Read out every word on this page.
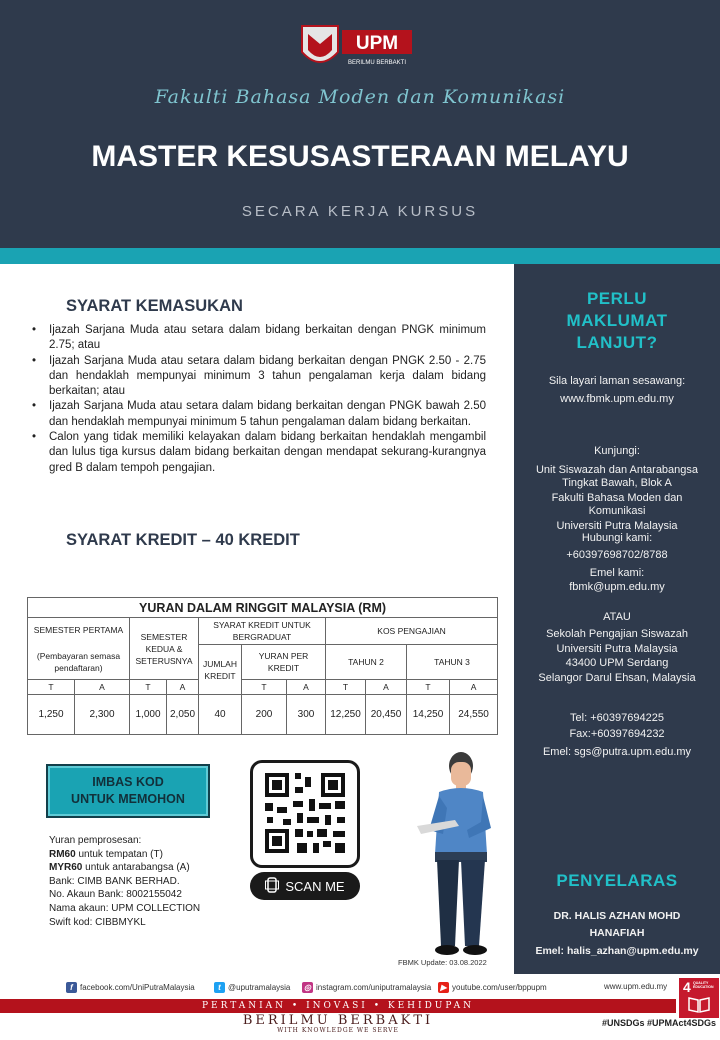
UPM
BERILMU BERBAKTI
Fakulti Bahasa Moden dan Komunikasi
MASTER KESUSASTERAAN MELAYU
SECARA KERJA KURSUS
SYARAT KEMASUKAN
• Ijazah Sarjana Muda atau setara dalam bidang berkaitan dengan PNGK minimum 2.75; atau
• Ijazah Sarjana Muda atau setara dalam bidang berkaitan dengan PNGK 2.50 - 2.75 dan hendaklah mempunyai minimum 3 tahun pengalaman kerja dalam bidang berkaitan; atau
• Ijazah Sarjana Muda atau setara dalam bidang berkaitan dengan PNGK bawah 2.50 dan hendaklah mempunyai minimum 5 tahun pengalaman dalam bidang berkaitan.
• Calon yang tidak memiliki kelayakan dalam bidang berkaitan hendaklah mengambil dan lulus tiga kursus dalam bidang berkaitan dengan mendapat sekurang-kurangnya gred B dalam tempoh pengajian.
SYARAT KREDIT – 40 KREDIT
YURAN DALAM RINGGIT MALAYSIA (RM)										

SEMESTER PERTAMA
(Pembayaran semasa pendaftaran)		SEMESTER KEDUA & SETERUSNYA		SYARAT KREDIT UNTUK BERGRADUAT			KOS PENGAJIAN			
				JUMLAH KREDIT	YURAN PER KREDIT		TAHUN 2		TAHUN 3	
T	A	T	A		T	A	T	A	T	A
1,250	2,300	1,000	2,050	40	200	300	12,250	20,450	14,250	24,550
IMBAS KOD
UNTUK MEMOHON
Yuran pemprosesan:
RM60 untuk tempatan (T)
MYR60 untuk antarabangsa (A)
Bank: CIMB BANK BERHAD.
No. Akaun Bank: 8002155042
Nama akaun: UPM COLLECTION
Swift kod: CIBBMYKL
SCAN ME
FBMK Update: 03.08.2022
PERLU
MAKLUMAT
LANJUT?
Sila layari laman sesawang:
www.fbmk.upm.edu.my
Kunjungi:
Unit Siswazah dan Antarabangsa
Tingkat Bawah, Blok A
Fakulti Bahasa Moden dan
Komunikasi
Universiti Putra Malaysia
Hubungi kami:
+60397698702/8788
Emel kami:
fbmk@upm.edu.my
ATAU
Sekolah Pengajian Siswazah
Universiti Putra Malaysia
43400 UPM Serdang
Selangor Darul Ehsan, Malaysia
Tel: +60397694225
Fax:+60397694232
Emel: sgs@putra.upm.edu.my
PENYELARAS
DR. HALIS AZHAN MOHD
HANAFIAH
Emel: halis_azhan@upm.edu.my
f facebook.com/UniPutraMalaysia	t @uputramalaysia ◎ instagram.com/uniputramalaysia	▶ youtube.com/user/bppupm	www.upm.edu.my
PERTANIAN • INOVASI • KEHIDUPAN
BERILMU BERBAKTI
WITH KNOWLEDGE WE SERVE
4 QUALITY EDUCATION
#UNSDGs #UPMAct4SDGs
